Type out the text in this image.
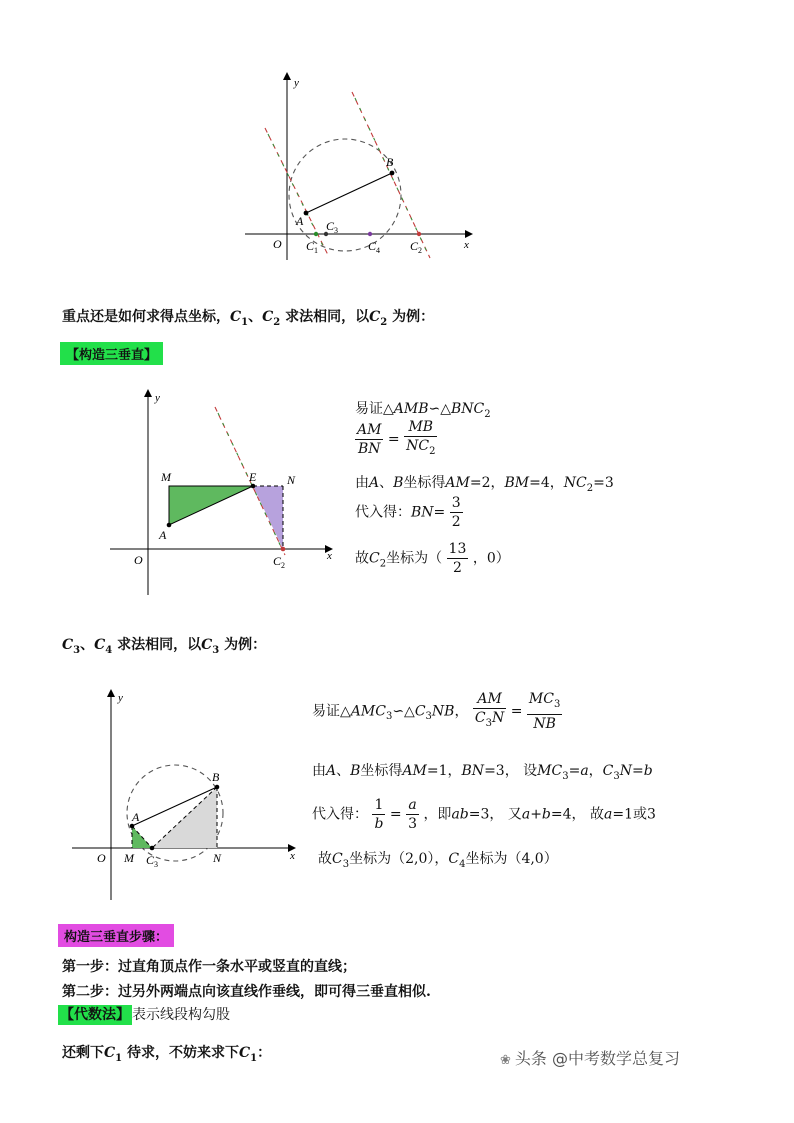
y
x
O
A
B
$C_1$
$C_3$
$C_4$ $C_2$
重点还是如何求得点坐标，$C_1$、$C_2$ 求法相同，以$C_2$ 为例：
【构造三垂直】
y
x
O
M	E	N
A
$C_2$
易证$\triangle AMB∽\triangle BNC_2$
$\frac{AM}{BN} = \frac{MB}{NC_2}$
由A、B坐标得AM=2，BM=4，$NC_2=3$
代入得：$BN= \frac{3}{2}$
故$C_2$坐标为（ $\frac{13}{2}$ ，0）
$C_3$、$C_4$ 求法相同，以$C_3$ 为例：
y
x
O
A
B
M	N
$C_3$
易证$\triangle AMC_3∽\triangle C_3NB$， $\frac{AM}{C_3N} = \frac{MC_3}{NB}$
由A、B坐标得AM=1，BN=3， 设$MC_3=a$，$C_3N=b$
代入得： $\frac{1}{b} = \frac{a}{3}$ ，即ab=3， 又a+b=4， 故a=1或3
故$C_3$坐标为（2,0），$C_4$坐标为（4,0）
构造三垂直步骤：
第一步：过直角顶点作一条水平或竖直的直线；
第二步：过另外两端点向该直线作垂线，即可得三垂直相似.
【代数法】 表示线段构勾股
还剩下$C_1$ 待求，不妨来求下$C_1$：	❀ 头条 @中考数学总复习
